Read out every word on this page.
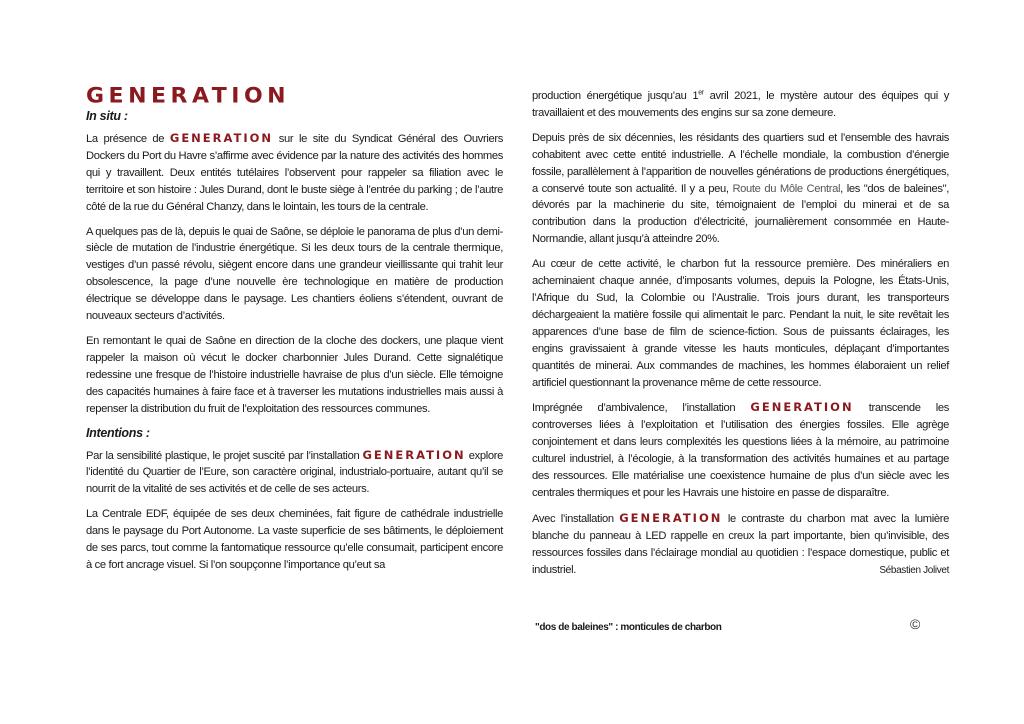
GENERATION
In situ :

La présence de GENERATION sur le site du Syndicat Général des Ouvriers Dockers du Port du Havre s’affirme avec évidence par la nature des activités des hommes qui y travaillent. Deux entités tutélaires l’observent pour rappeler sa filiation avec le territoire et son histoire : Jules Durand, dont le buste siège à l’entrée du parking ; de l’autre côté de la rue du Général Chanzy, dans le lointain, les tours de la centrale.

A quelques pas de là, depuis le quai de Saône, se déploie le panorama de plus d’un demi-siècle de mutation de l’industrie énergétique. Si les deux tours de la centrale thermique, vestiges d’un passé révolu, siègent encore dans une grandeur vieillissante qui trahit leur obsolescence, la page d’une nouvelle ère technologique en matière de production électrique se développe dans le paysage. Les chantiers éoliens s’étendent, ouvrant de nouveaux secteurs d’activités.

En remontant le quai de Saône en direction de la cloche des dockers, une plaque vient rappeler la maison où vécut le docker charbonnier Jules Durand. Cette signalétique redessine une fresque de l’histoire industrielle havraise de plus d’un siècle. Elle témoigne des capacités humaines à faire face et à traverser les mutations industrielles mais aussi à repenser la distribution du fruit de l’exploitation des ressources communes.

Intentions :

Par la sensibilité plastique, le projet suscité par l’installation GENERATION explore l’identité du Quartier de l’Eure, son caractère original, industrialo-portuaire, autant qu’il se nourrit de la vitalité de ses activités et de celle de ses acteurs.

La Centrale EDF, équipée de ses deux cheminées, fait figure de cathédrale industrielle dans le paysage du Port Autonome. La vaste superficie de ses bâtiments, le déploiement de ses parcs, tout comme la fantomatique ressource qu’elle consumait, participent encore à ce fort ancrage visuel. Si l’on soupçonne l’importance qu’eut sa

production énergétique jusqu’au 1er avril 2021, le mystère autour des équipes qui y travaillaient et des mouvements des engins sur sa zone demeure.

Depuis près de six décennies, les résidants des quartiers sud et l’ensemble des havrais cohabitent avec cette entité industrielle. A l’échelle mondiale, la combustion d’énergie fossile, parallèlement à l’apparition de nouvelles générations de productions énergétiques, a conservé toute son actualité. Il y a peu, Route du Môle Central, les "dos de baleines", dévorés par la machinerie du site, témoignaient de l’emploi du minerai et de sa contribution dans la production d’électricité, journalièrement consommée en Haute-Normandie, allant jusqu’à atteindre 20%.

Au cœur de cette activité, le charbon fut la ressource première. Des minéraliers en acheminaient chaque année, d’imposants volumes, depuis la Pologne, les États-Unis, l’Afrique du Sud, la Colombie ou l’Australie. Trois jours durant, les transporteurs déchargeaient la matière fossile qui alimentait le parc. Pendant la nuit, le site revêtait les apparences d’une base de film de science-fiction. Sous de puissants éclairages, les engins gravissaient à grande vitesse les hauts monticules, déplaçant d’importantes quantités de minerai. Aux commandes de machines, les hommes élaboraient un relief artificiel questionnant la provenance même de cette ressource.

Imprégnée d’ambivalence, l’installation GENERATION transcende les controverses liées à l’exploitation et l’utilisation des énergies fossiles. Elle agrège conjointement et dans leurs complexités les questions liées à la mémoire, au patrimoine culturel industriel, à l’écologie, à la transformation des activités humaines et au partage des ressources. Elle matérialise une coexistence humaine de plus d’un siècle avec les centrales thermiques et pour les Havrais une histoire en passe de disparaître.

Avec l’installation GENERATION le contraste du charbon mat avec la lumière blanche du panneau à LED rappelle en creux la part importante, bien qu’invisible, des ressources fossiles dans l’éclairage mondial au quotidien : l’espace domestique, public et industriel.	Sébastien Jolivet

"dos de baleines" : monticules de charbon	©
